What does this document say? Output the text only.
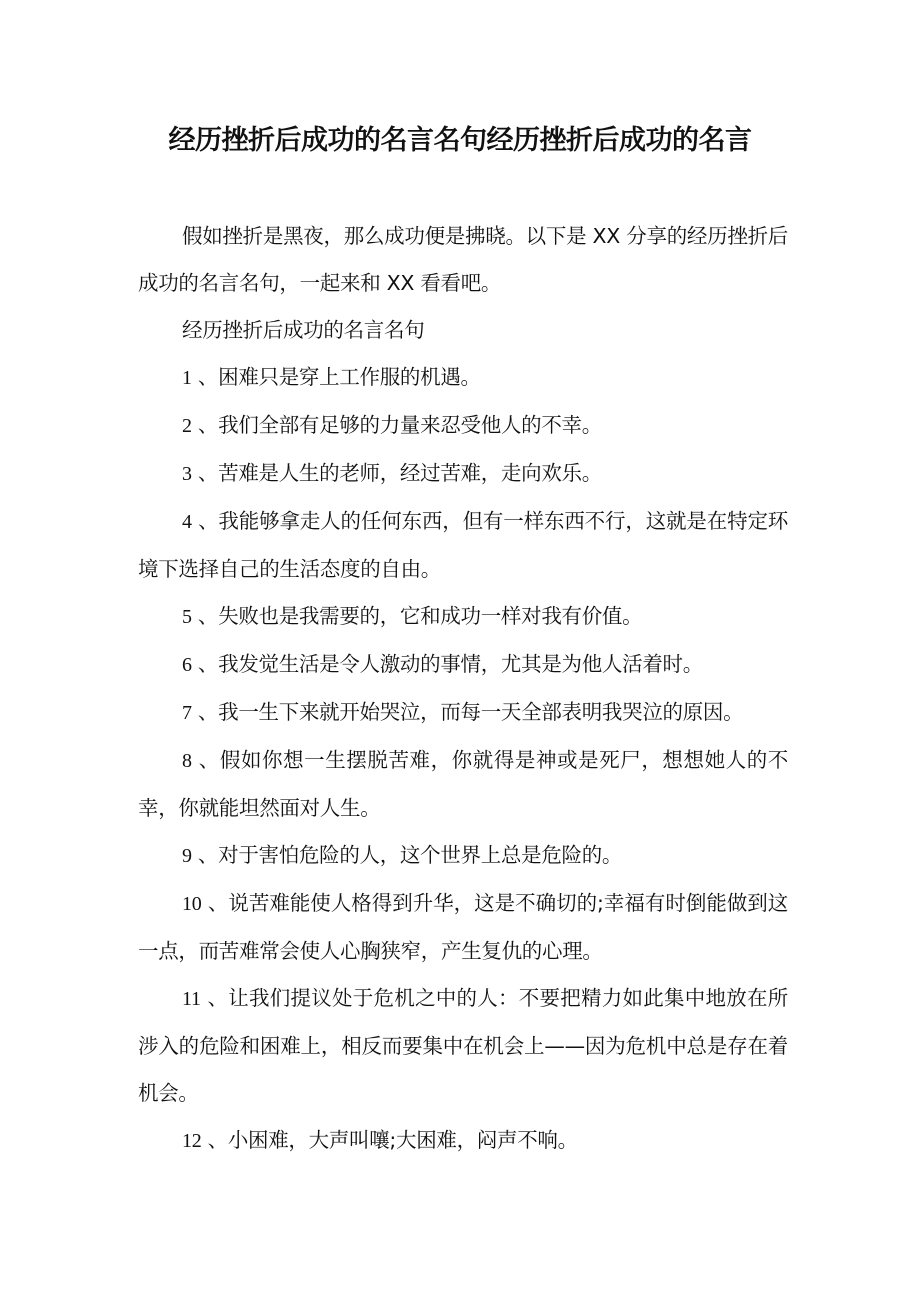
经历挫折后成功的名言名句经历挫折后成功的名言

假如挫折是黑夜，那么成功便是拂晓。以下是 XX 分享的经历挫折后成功的名言名句，一起来和 XX 看看吧。

经历挫折后成功的名言名句

1 、困难只是穿上工作服的机遇。

2 、我们全部有足够的力量来忍受他人的不幸。

3 、苦难是人生的老师，经过苦难，走向欢乐。

4 、我能够拿走人的任何东西，但有一样东西不行，这就是在特定环境下选择自己的生活态度的自由。

5 、失败也是我需要的，它和成功一样对我有价值。

6 、我发觉生活是令人激动的事情，尤其是为他人活着时。

7 、我一生下来就开始哭泣，而每一天全部表明我哭泣的原因。

8 、假如你想一生摆脱苦难，你就得是神或是死尸，想想她人的不幸，你就能坦然面对人生。

9 、对于害怕危险的人，这个世界上总是危险的。

10 、说苦难能使人格得到升华，这是不确切的;幸福有时倒能做到这一点，而苦难常会使人心胸狭窄，产生复仇的心理。

11 、让我们提议处于危机之中的人：不要把精力如此集中地放在所涉入的危险和困难上，相反而要集中在机会上——因为危机中总是存在着机会。

12 、小困难，大声叫嚷;大困难，闷声不响。
